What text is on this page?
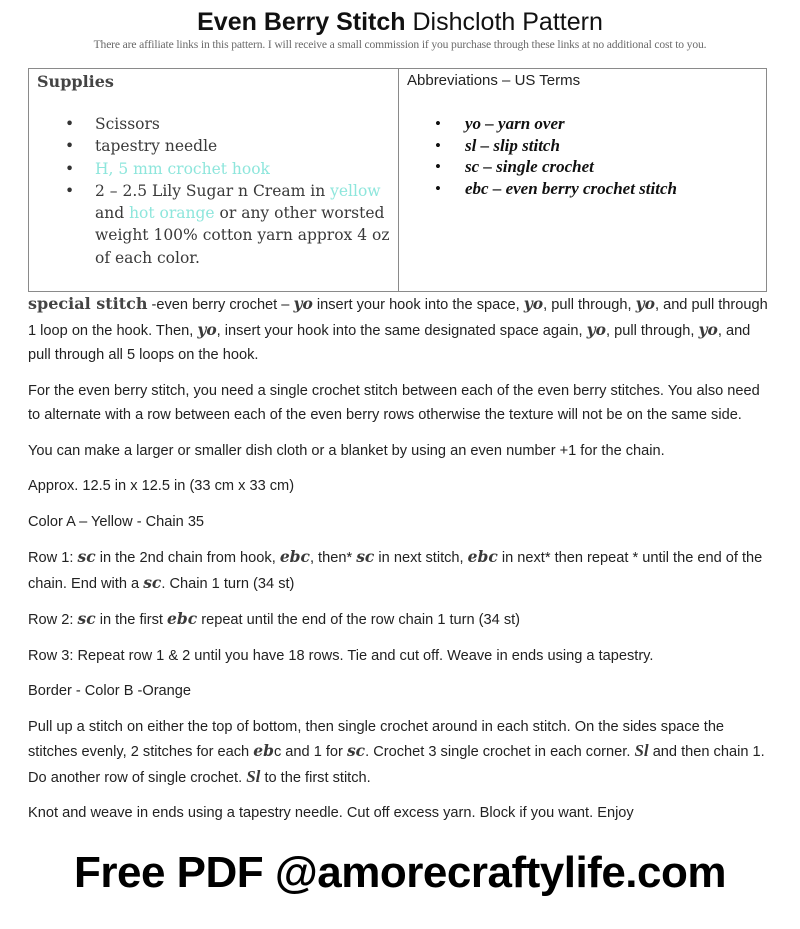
Even Berry Stitch Dishcloth Pattern
There are affiliate links in this pattern. I will receive a small commission if you purchase through these links at no additional cost to you.
Supplies
• Scissors
• tapestry needle
• H, 5 mm crochet hook
• 2 – 2.5 Lily Sugar n Cream in yellow and hot orange or any other worsted weight 100% cotton yarn approx 4 oz of each color.
Abbreviations – US Terms
• yo – yarn over
• sl – slip stitch
• sc – single crochet
• ebc – even berry crochet stitch

special stitch -even berry crochet – yo insert your hook into the space, yo, pull through, yo, and pull through 1 loop on the hook. Then, yo, insert your hook into the same designated space again, yo, pull through, yo, and pull through all 5 loops on the hook.

For the even berry stitch, you need a single crochet stitch between each of the even berry stitches. You also need to alternate with a row between each of the even berry rows otherwise the texture will not be on the same side.

You can make a larger or smaller dish cloth or a blanket by using an even number +1 for the chain.

Approx. 12.5 in x 12.5 in (33 cm x 33 cm)

Color A – Yellow - Chain 35

Row 1: sc in the 2nd chain from hook, ebc, then* sc in next stitch, ebc in next* then repeat * until the end of the chain. End with a sc. Chain 1 turn (34 st)

Row 2: sc in the first ebc repeat until the end of the row chain 1 turn (34 st)

Row 3: Repeat row 1 & 2 until you have 18 rows. Tie and cut off. Weave in ends using a tapestry.

Border - Color B -Orange

Pull up a stitch on either the top of bottom, then single crochet around in each stitch. On the sides space the stitches evenly, 2 stitches for each ebc and 1 for sc. Crochet 3 single crochet in each corner. Sl and then chain 1. Do another row of single crochet. Sl to the first stitch.

Knot and weave in ends using a tapestry needle. Cut off excess yarn. Block if you want. Enjoy

Free PDF @amorecraftylife.com
